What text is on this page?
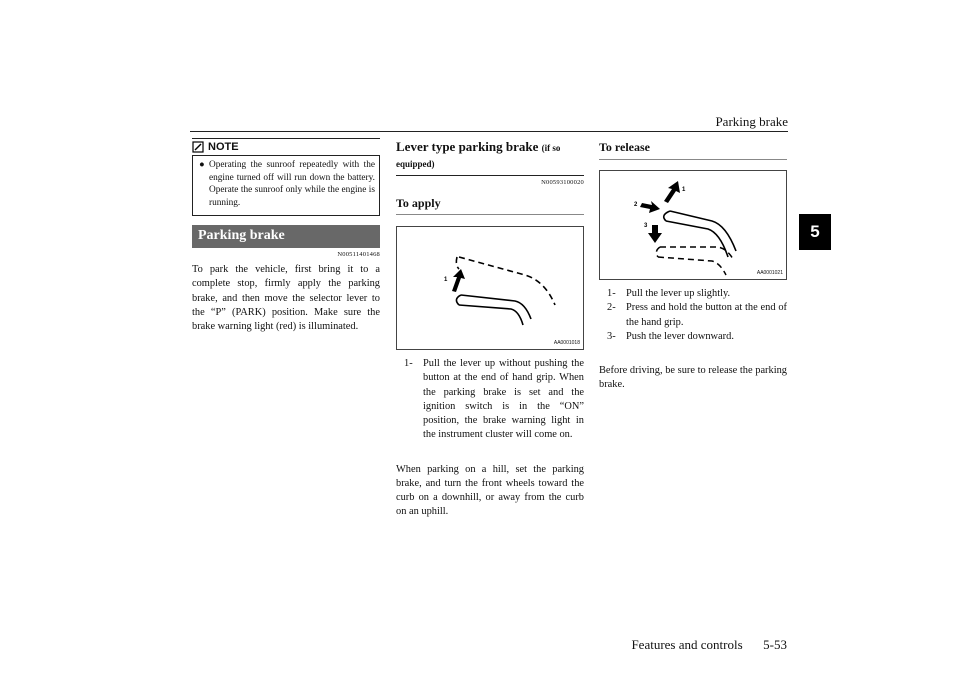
Parking brake
5
NOTE
● Operating the sunroof repeatedly with the engine turned off will run down the battery. Operate the sunroof only while the engine is running.
Parking brake
N00511401468
To park the vehicle, first bring it to a complete stop, firmly apply the parking brake, and then move the selector lever to the “P” (PARK) position. Make sure the brake warning light (red) is illuminated.
Lever type parking brake (if so equipped)
N00593100020
To apply
1
AA0001018
1- Pull the lever up without pushing the button at the end of hand grip. When the parking brake is set and the ignition switch is in the “ON” position, the brake warning light in the instrument cluster will come on.
When parking on a hill, set the parking brake, and turn the front wheels toward the curb on a downhill, or away from the curb on an uphill.
To release
1
2
3
AA0001021
1- Pull the lever up slightly.
2- Press and hold the button at the end of the hand grip.
3- Push the lever downward.
Before driving, be sure to release the parking brake.
Features and controls 5-53
